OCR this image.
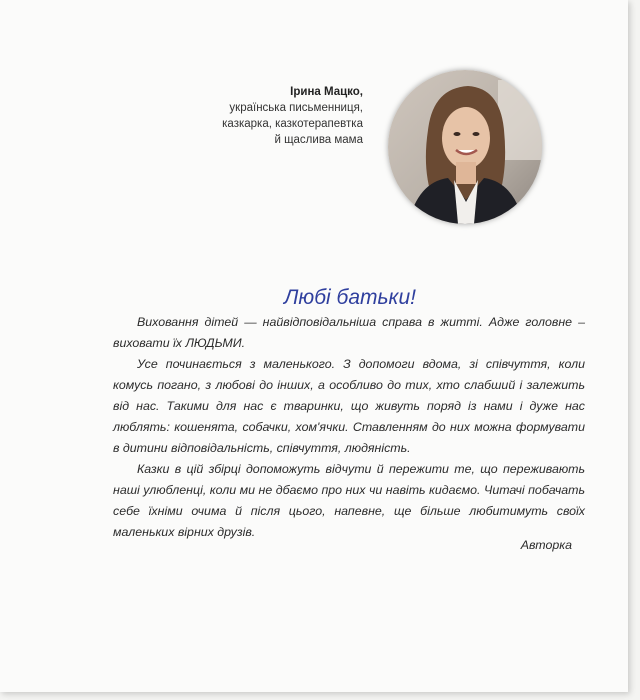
Ірина Мацко,
українська письменниця,
казкарка, казкотерапевтка
й щаслива мама
Любі батьки!

Виховання дітей — найвідповідальніша справа в житті. Адже головне – виховати їх ЛЮДЬМИ.

Усе починається з маленького. З допомоги вдома, зі співчуття, коли комусь погано, з любові до інших, а особливо до тих, хто слабший і залежить від нас. Такими для нас є тваринки, що живуть поряд із нами і дуже нас люблять: кошенята, собачки, хом'ячки. Ставленням до них можна формувати в дитини відповідальність, співчуття, людяність.

Казки в цій збірці допоможуть відчути й пережити те, що переживають наші улюбленці, коли ми не дбаємо про них чи навіть кидаємо. Читачі побачать себе їхніми очима й після цього, напевне, ще більше любитимуть своїх маленьких вірних друзів.

Авторка
